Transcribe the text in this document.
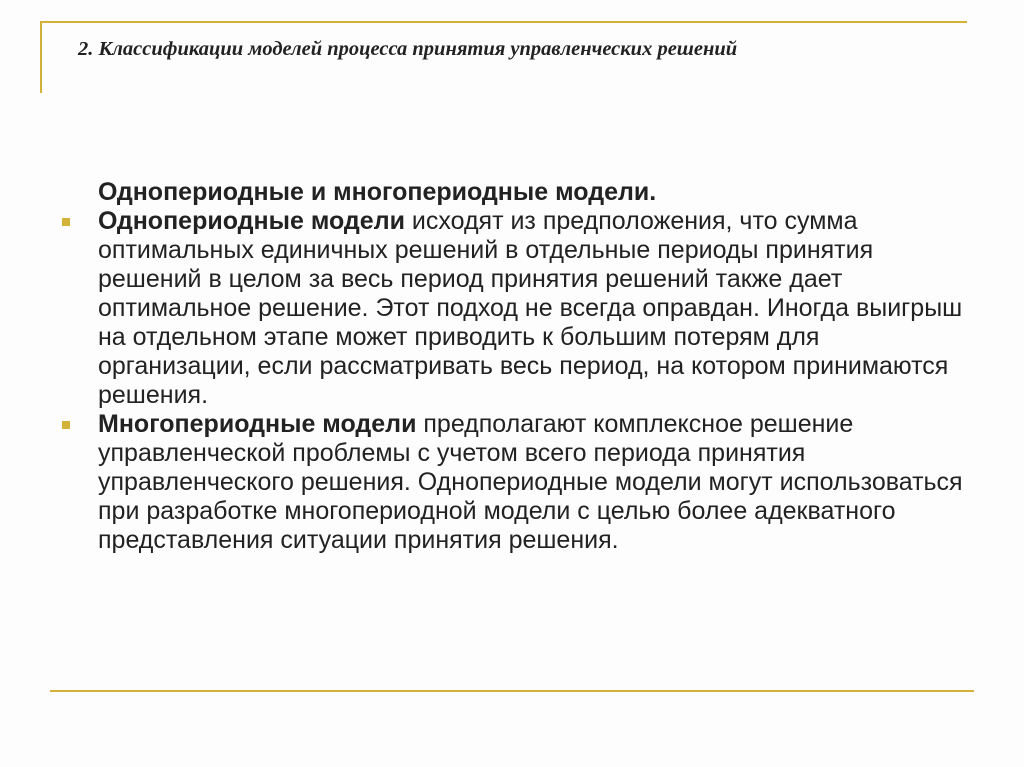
2. Классификации моделей процесса принятия управленческих решений

Однопериодные и многопериодные модели.

Однопериодные модели исходят из предположения, что сумма оптимальных единичных решений в отдельные периоды принятия решений в целом за весь период принятия решений также дает оптимальное решение. Этот подход не всегда оправдан. Иногда выигрыш на отдельном этапе может приводить к большим потерям для организации, если рассматривать весь период, на котором принимаются решения.
Многопериодные модели предполагают комплексное решение управленческой проблемы с учетом всего периода принятия управленческого решения. Однопериодные модели могут использоваться при разработке многопериодной модели с целью более адекватного представления ситуации принятия решения.
